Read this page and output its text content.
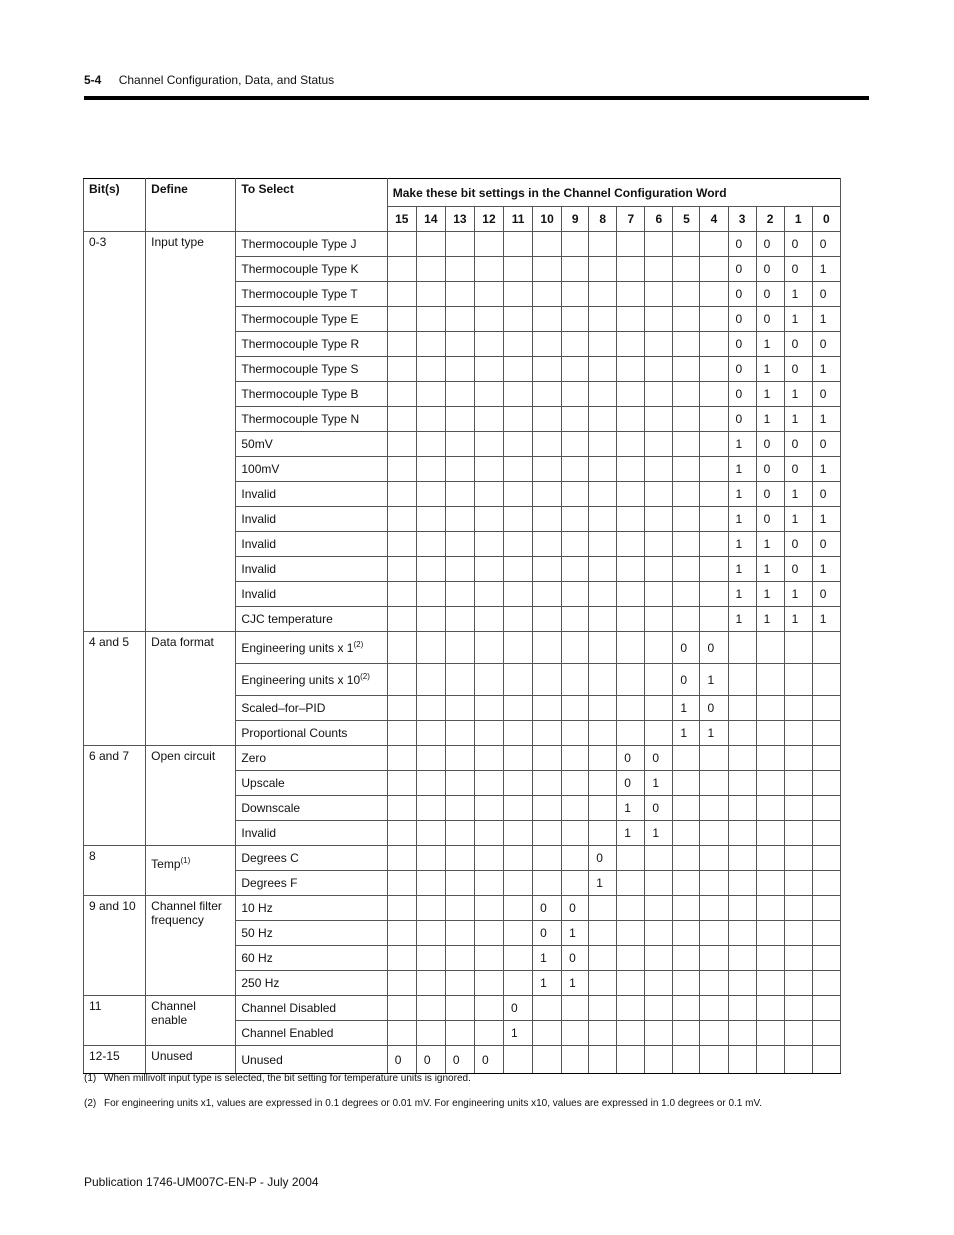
5-4 Channel Configuration, Data, and Status
Bit(s)	Define	To Select	Make these bit settings in the Channel Configuration Word															
			15	14	13	12	11	10	9	8	7	6	5	4	3	2	1	0
0-3	Input type	Thermocouple Type J													0	0	0	0
		Thermocouple Type K													0	0	0	1
		Thermocouple Type T													0	0	1	0
		Thermocouple Type E													0	0	1	1
		Thermocouple Type R													0	1	0	0
		Thermocouple Type S													0	1	0	1
		Thermocouple Type B													0	1	1	0
		Thermocouple Type N													0	1	1	1
		50mV													1	0	0	0
		100mV													1	0	0	1
		Invalid													1	0	1	0
		Invalid													1	0	1	1
		Invalid													1	1	0	0
		Invalid													1	1	0	1
		Invalid													1	1	1	0
		CJC temperature													1	1	1	1
4 and 5	Data format	Engineering units x 1$^{(2)}$											0	0				
		Engineering units x 10$^{(2)}$											0	1				
		Scaled–for–PID											1	0				
		Proportional Counts											1	1				
6 and 7	Open circuit	Zero									0	0						
		Upscale									0	1						
		Downscale									1	0						
		Invalid									1	1						
8	Temp$^{(1)}$	Degrees C								0								
		Degrees F								1								
9 and 10	Channel filter frequency	10 Hz						0	0									
		50 Hz						0	1									
		60 Hz						1	0									
		250 Hz						1	1									
11	Channel enable	Channel Disabled					0											
		Channel Enabled					1											
12-15	Unused	Unused	0	0	0	0												
(1) When millivolt input type is selected, the bit setting for temperature units is ignored.
(2) For engineering units x1, values are expressed in 0.1 degrees or 0.01 mV. For engineering units x10, values are expressed in 1.0 degrees or 0.1 mV.
Publication 1746-UM007C-EN-P - July 2004
